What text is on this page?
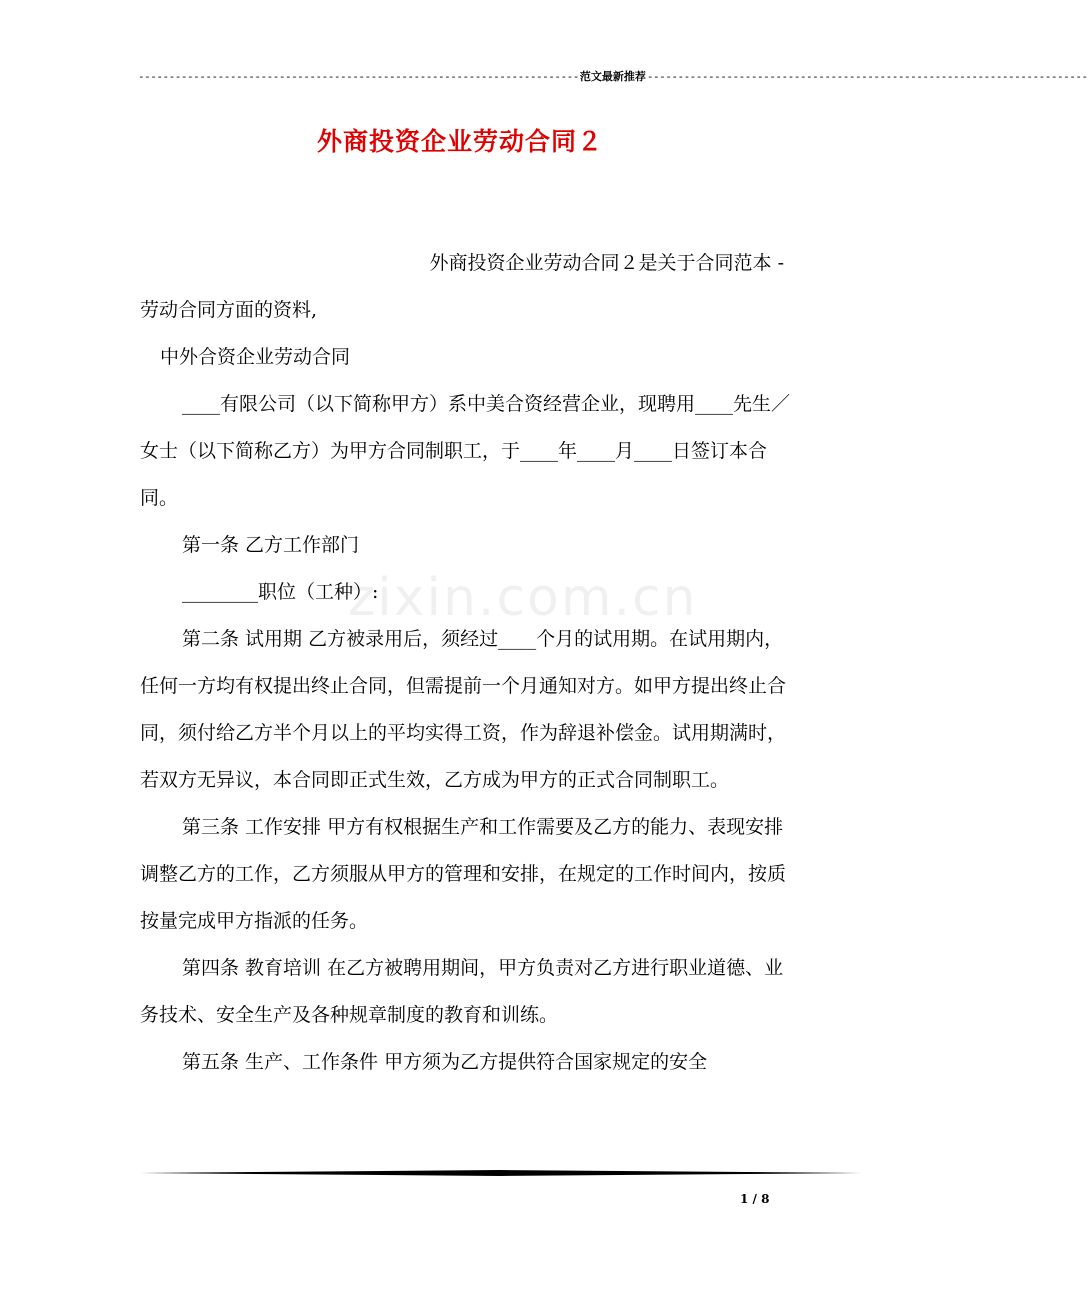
------------------------------------------------------------------------ 范文最新推荐 ------------------------------------------------------------------------
外商投资企业劳动合同２
zixin.com.cn

外商投资企业劳动合同２是关于合同范本 -

劳动合同方面的资料,

中外合资企业劳动合同

____有限公司（以下简称甲方）系中美合资经营企业，现聘用____先生／女士（以下简称乙方）为甲方合同制职工，于____年____月____日签订本合同。

第一条 乙方工作部门

________职位（工种）:

第二条 试用期 乙方被录用后，须经过____个月的试用期。在试用期内，任何一方均有权提出终止合同，但需提前一个月通知对方。如甲方提出终止合同，须付给乙方半个月以上的平均实得工资，作为辞退补偿金。试用期满时，若双方无异议，本合同即正式生效，乙方成为甲方的正式合同制职工。

第三条 工作安排 甲方有权根据生产和工作需要及乙方的能力、表现安排调整乙方的工作，乙方须服从甲方的管理和安排，在规定的工作时间内，按质按量完成甲方指派的任务。

第四条 教育培训 在乙方被聘用期间，甲方负责对乙方进行职业道德、业务技术、安全生产及各种规章制度的教育和训练。

第五条 生产、工作条件 甲方须为乙方提供符合国家规定的安全

1 / 8
